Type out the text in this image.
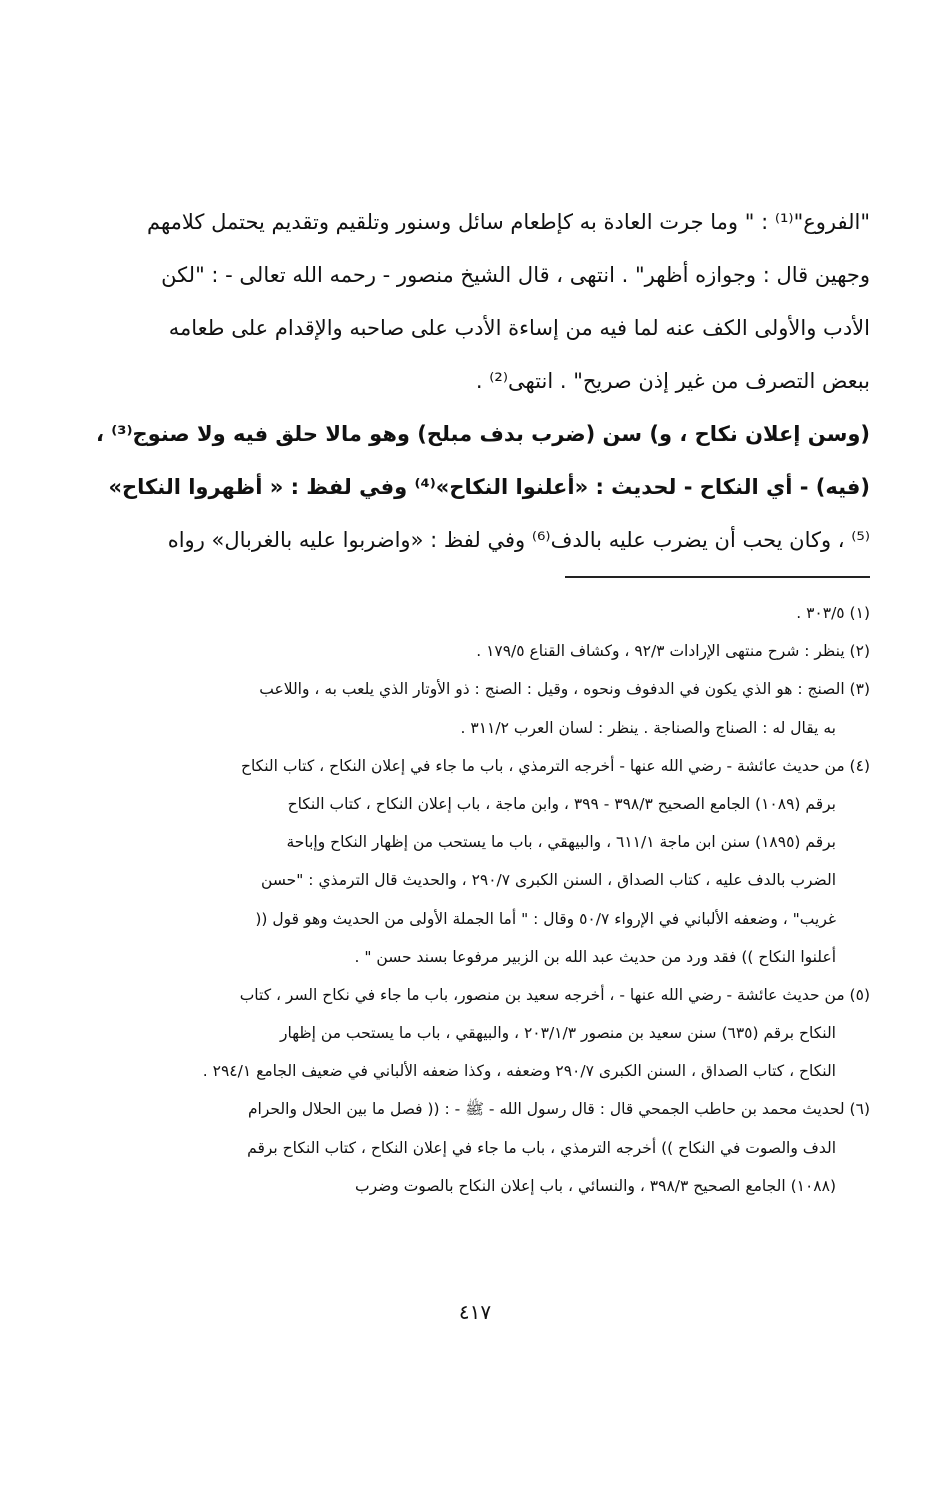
"الفروع"⁽¹⁾ : " وما جرت العادة به كإطعام سائل وسنور وتلقيم وتقديم يحتمل كلامهم
وجهين قال : وجوازه أظهر" . انتهى ، قال الشيخ منصور - رحمه الله تعالى - : "لكن
الأدب والأولى الكف عنه لما فيه من إساءة الأدب على صاحبه والإقدام على طعامه
ببعض التصرف من غير إذن صريح" . انتهى⁽²⁾ .
(وسن إعلان نكاح ، و) سن (ضرب بدف مبلح) وهو مالا حلق فيه ولا صنوج⁽³⁾ ،
(فيه) - أي النكاح - لحديث : «أعلنوا النكاح»⁽⁴⁾ وفي لفظ : « أظهروا النكاح»
⁽⁵⁾ ، وكان يحب أن يضرب عليه بالدف⁽⁶⁾ وفي لفظ : «واضربوا عليه بالغربال» رواه
(١) ٣٠٣/٥ .
(٢) ينظر : شرح منتهى الإرادات ٩٢/٣ ، وكشاف القناع ١٧٩/٥ .
(٣) الصنج : هو الذي يكون في الدفوف ونحوه ، وقيل : الصنج : ذو الأوتار الذي يلعب به ، واللاعب
به يقال له : الصناج والصناجة . ينظر : لسان العرب ٣١١/٢ .
(٤) من حديث عائشة - رضي الله عنها - أخرجه الترمذي ، باب ما جاء في إعلان النكاح ، كتاب النكاح
برقم (١٠٨٩) الجامع الصحيح ٣٩٨/٣ - ٣٩٩ ، وابن ماجة ، باب إعلان النكاح ، كتاب النكاح
برقم (١٨٩٥) سنن ابن ماجة ٦١١/١ ، والبيهقي ، باب ما يستحب من إظهار النكاح وإباحة
الضرب بالدف عليه ، كتاب الصداق ، السنن الكبرى ٢٩٠/٧ ، والحديث قال الترمذي : "حسن
غريب" ، وضعفه الألباني في الإرواء ٥٠/٧ وقال : " أما الجملة الأولى من الحديث وهو قول ((
أعلنوا النكاح )) فقد ورد من حديث عبد الله بن الزبير مرفوعا بسند حسن " .
(٥) من حديث عائشة - رضي الله عنها - ، أخرجه سعيد بن منصور، باب ما جاء في نكاح السر ، كتاب
النكاح برقم (٦٣٥) سنن سعيد بن منصور ٢٠٣/١/٣ ، والبيهقي ، باب ما يستحب من إظهار
النكاح ، كتاب الصداق ، السنن الكبرى ٢٩٠/٧ وضعفه ، وكذا ضعفه الألباني في ضعيف الجامع ٢٩٤/١ .
(٦) لحديث محمد بن حاطب الجمحي قال : قال رسول الله - ﷺ - : (( فصل ما بين الحلال والحرام
الدف والصوت في النكاح )) أخرجه الترمذي ، باب ما جاء في إعلان النكاح ، كتاب النكاح برقم
(١٠٨٨) الجامع الصحيح ٣٩٨/٣ ، والنسائي ، باب إعلان النكاح بالصوت وضرب
٤١٧
